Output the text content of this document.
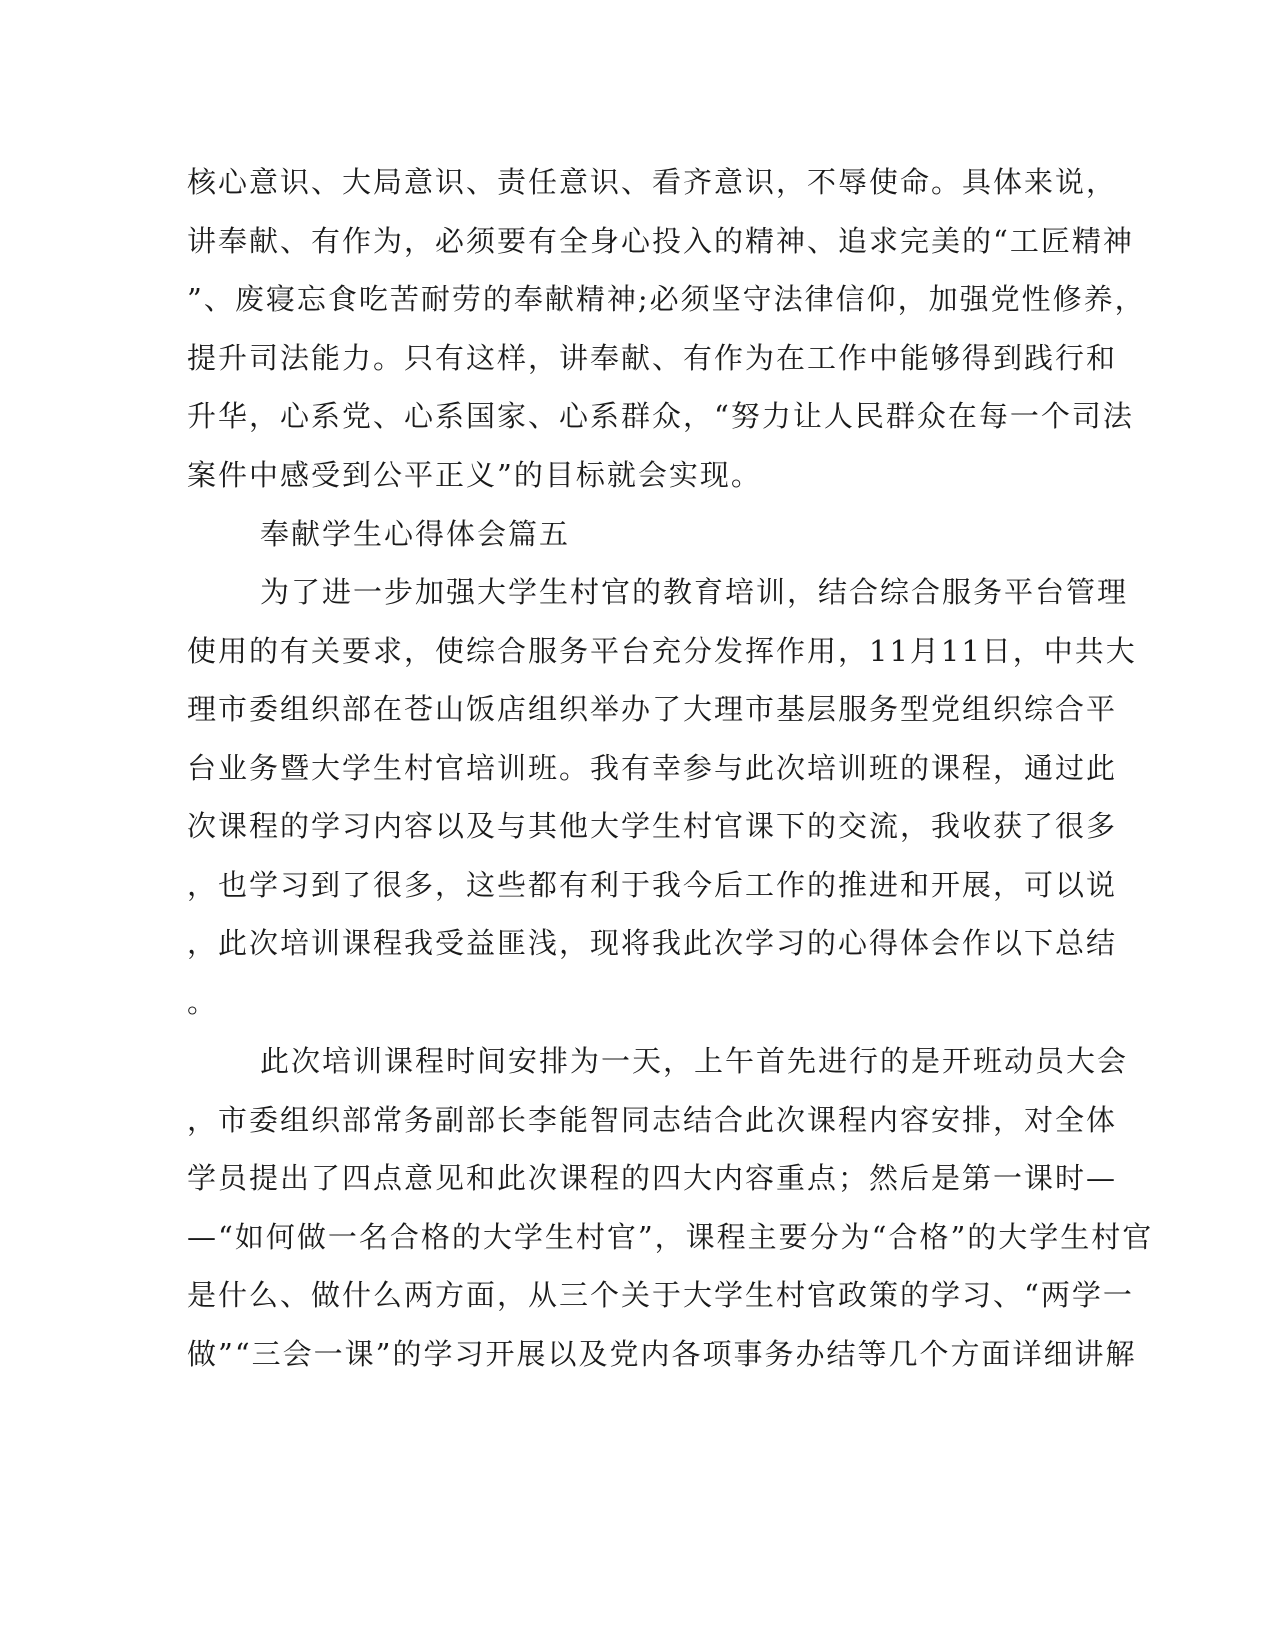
核心意识、大局意识、责任意识、看齐意识，不辱使命。具体来说，
讲奉献、有作为，必须要有全身心投入的精神、追求完美的“工匠精神
”、废寝忘食吃苦耐劳的奉献精神;必须坚守法律信仰，加强党性修养，
提升司法能力。只有这样，讲奉献、有作为在工作中能够得到践行和
升华，心系党、心系国家、心系群众，“努力让人民群众在每一个司法
案件中感受到公平正义”的目标就会实现。
奉献学生心得体会篇五
为了进一步加强大学生村官的教育培训，结合综合服务平台管理
使用的有关要求，使综合服务平台充分发挥作用，11月11日，中共大
理市委组织部在苍山饭店组织举办了大理市基层服务型党组织综合平
台业务暨大学生村官培训班。我有幸参与此次培训班的课程，通过此
次课程的学习内容以及与其他大学生村官课下的交流，我收获了很多
，也学习到了很多，这些都有利于我今后工作的推进和开展，可以说
，此次培训课程我受益匪浅，现将我此次学习的心得体会作以下总结
。
此次培训课程时间安排为一天，上午首先进行的是开班动员大会
，市委组织部常务副部长李能智同志结合此次课程内容安排，对全体
学员提出了四点意见和此次课程的四大内容重点；然后是第一课时—
—“如何做一名合格的大学生村官”，课程主要分为“合格”的大学生村官
是什么、做什么两方面，从三个关于大学生村官政策的学习、“两学一
做”“三会一课”的学习开展以及党内各项事务办结等几个方面详细讲解
